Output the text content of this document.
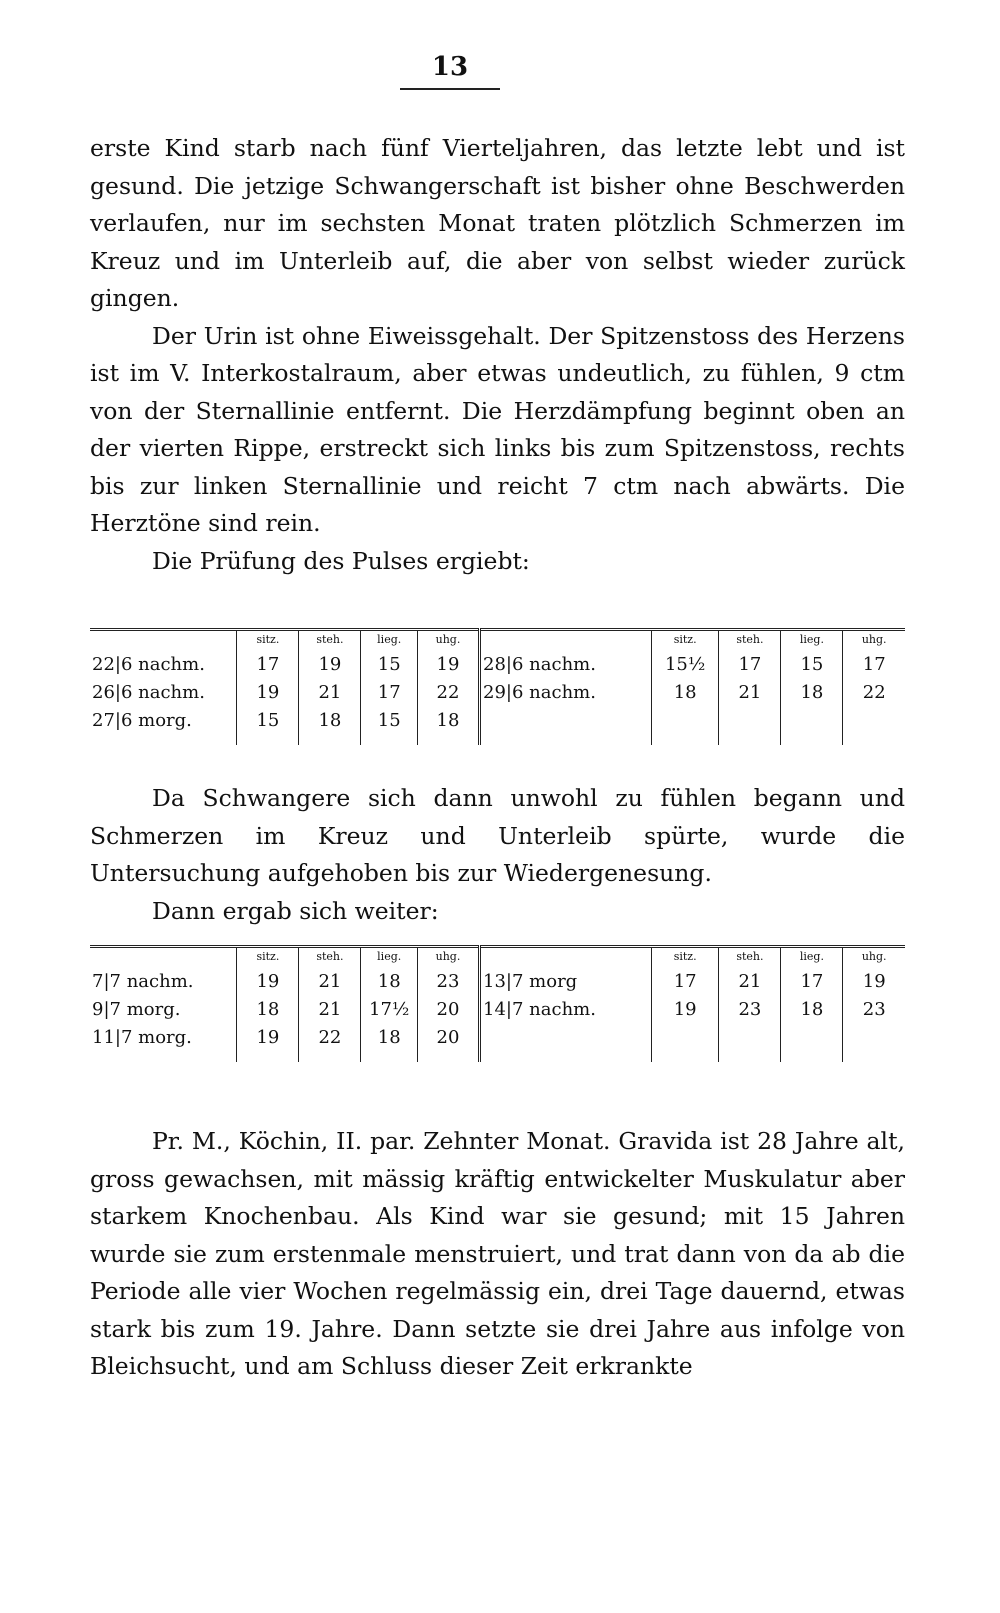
13

erste Kind starb nach fünf Vierteljahren, das letzte lebt und ist gesund. Die jetzige Schwangerschaft ist bisher ohne Beschwerden verlaufen, nur im sechsten Monat traten plötzlich Schmerzen im Kreuz und im Unterleib auf, die aber von selbst wieder zurück gingen.

Der Urin ist ohne Eiweissgehalt. Der Spitzenstoss des Herzens ist im V. Interkostalraum, aber etwas undeutlich, zu fühlen, 9 ctm von der Sternallinie entfernt. Die Herzdämpfung beginnt oben an der vierten Rippe, erstreckt sich links bis zum Spitzenstoss, rechts bis zur linken Sternallinie und reicht 7 ctm nach abwärts. Die Herztöne sind rein.

Die Prüfung des Pulses ergiebt:

	sitz.	steh.	lieg.	uhg.		sitz.	steh.	lieg.	uhg.
22|6 nachm.	17	19	15	19	28|6 nachm.	15½	17	15	17
26|6 nachm.	19	21	17	22	29|6 nachm.	18	21	18	22
27|6 morg.	15	18	15	18					

Da Schwangere sich dann unwohl zu fühlen begann und Schmerzen im Kreuz und Unterleib spürte, wurde die Untersuchung aufgehoben bis zur Wiedergenesung.

Dann ergab sich weiter:

	sitz.	steh.	lieg.	uhg.		sitz.	steh.	lieg.	uhg.
7|7 nachm.	19	21	18	23	13|7 morg	17	21	17	19
9|7 morg.	18	21	17½	20	14|7 nachm.	19	23	18	23
11|7 morg.	19	22	18	20					

Pr. M., Köchin, II. par. Zehnter Monat. Gravida ist 28 Jahre alt, gross gewachsen, mit mässig kräftig entwickelter Muskulatur aber starkem Knochenbau. Als Kind war sie gesund; mit 15 Jahren wurde sie zum erstenmale menstruiert, und trat dann von da ab die Periode alle vier Wochen regelmässig ein, drei Tage dauernd, etwas stark bis zum 19. Jahre. Dann setzte sie drei Jahre aus infolge von Bleichsucht, und am Schluss dieser Zeit erkrankte
